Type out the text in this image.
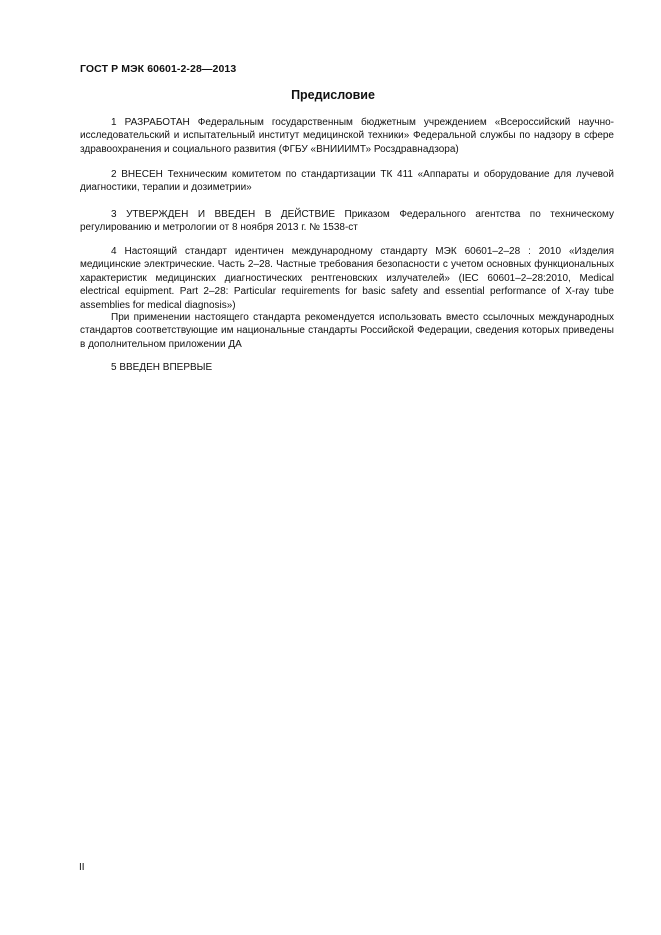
ГОСТ Р МЭК 60601-2-28—2013
Предисловие

1 РАЗРАБОТАН Федеральным государственным бюджетным учреждением «Всероссийский научно-исследовательский и испытательный институт медицинской техники» Федеральной службы по надзору в сфере здравоохранения и социального развития (ФГБУ «ВНИИИМТ» Росздравнадзора)

2 ВНЕСЕН Техническим комитетом по стандартизации ТК 411 «Аппараты и оборудование для лучевой диагностики, терапии и дозиметрии»

3 УТВЕРЖДЕН И ВВЕДЕН В ДЕЙСТВИЕ Приказом Федерального агентства по техническому регулированию и метрологии от 8 ноября 2013 г. № 1538-ст

4 Настоящий стандарт идентичен международному стандарту МЭК 60601–2–28 : 2010 «Изделия медицинские электрические. Часть 2–28. Частные требования безопасности с учетом основных функциональных характеристик медицинских диагностических рентгеновских излучателей» (IEC 60601–2–28:2010, Medical electrical equipment. Part 2–28: Particular requirements for basic safety and essential performance of X-ray tube assemblies for medical diagnosis»)

При применении настоящего стандарта рекомендуется использовать вместо ссылочных международных стандартов соответствующие им национальные стандарты Российской Федерации, сведения которых приведены в дополнительном приложении ДА

5 ВВЕДЕН ВПЕРВЫЕ

II
